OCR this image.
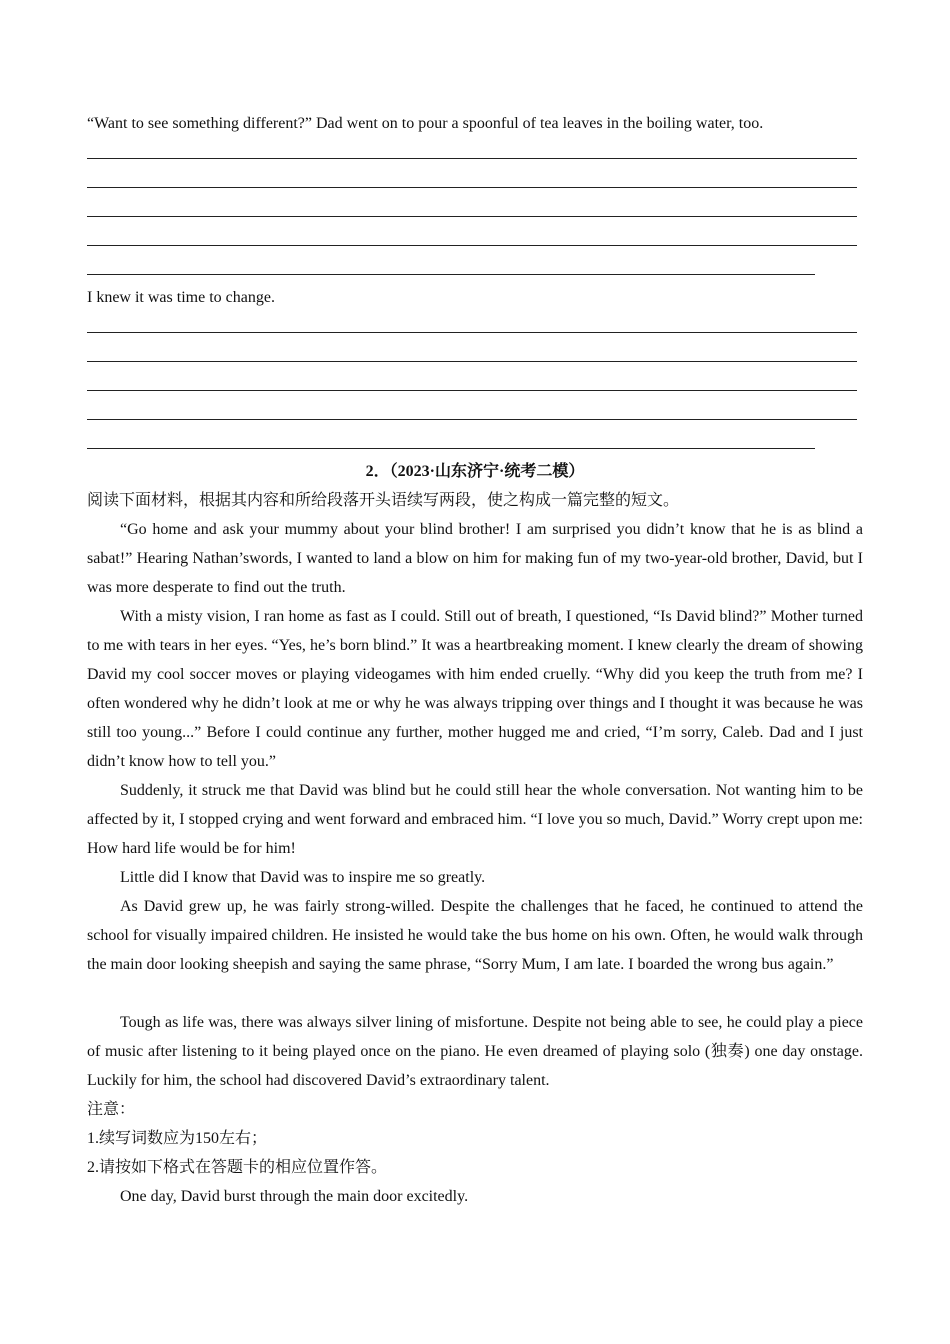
“Want to see something different?” Dad went on to pour a spoonful of tea leaves in the boiling water, too.

I knew it was time to change.

2．（2023·山东济宁·统考二模）

阅读下面材料，根据其内容和所给段落开头语续写两段，使之构成一篇完整的短文。

“Go home and ask your mummy about your blind brother! I am surprised you didn’t know that he is as blind a sabat!” Hearing Nathan’swords, I wanted to land a blow on him for making fun of my two-year-old brother, David, but I was more desperate to find out the truth.

With a misty vision, I ran home as fast as I could. Still out of breath, I questioned, “Is David blind?” Mother turned to me with tears in her eyes. “Yes, he’s born blind.” It was a heartbreaking moment. I knew clearly the dream of showing David my cool soccer moves or playing videogames with him ended cruelly. “Why did you keep the truth from me? I often wondered why he didn’t look at me or why he was always tripping over things and I thought it was because he was still too young...” Before I could continue any further, mother hugged me and cried, “I’m sorry, Caleb. Dad and I just didn’t know how to tell you.”

Suddenly, it struck me that David was blind but he could still hear the whole conversation. Not wanting him to be affected by it, I stopped crying and went forward and embraced him. “I love you so much, David.” Worry crept upon me: How hard life would be for him!

Little did I know that David was to inspire me so greatly.

As David grew up, he was fairly strong-willed. Despite the challenges that he faced, he continued to attend the school for visually impaired children. He insisted he would take the bus home on his own. Often, he would walk through the main door looking sheepish and saying the same phrase, “Sorry Mum, I am late. I boarded the wrong bus again.”

Tough as life was, there was always silver lining of misfortune. Despite not being able to see, he could play a piece of music after listening to it being played once on the piano. He even dreamed of playing solo (独奏) one day onstage. Luckily for him, the school had discovered David’s extraordinary talent.

注意：

1.续写词数应为150左右；

2.请按如下格式在答题卡的相应位置作答。

One day, David burst through the main door excitedly.
